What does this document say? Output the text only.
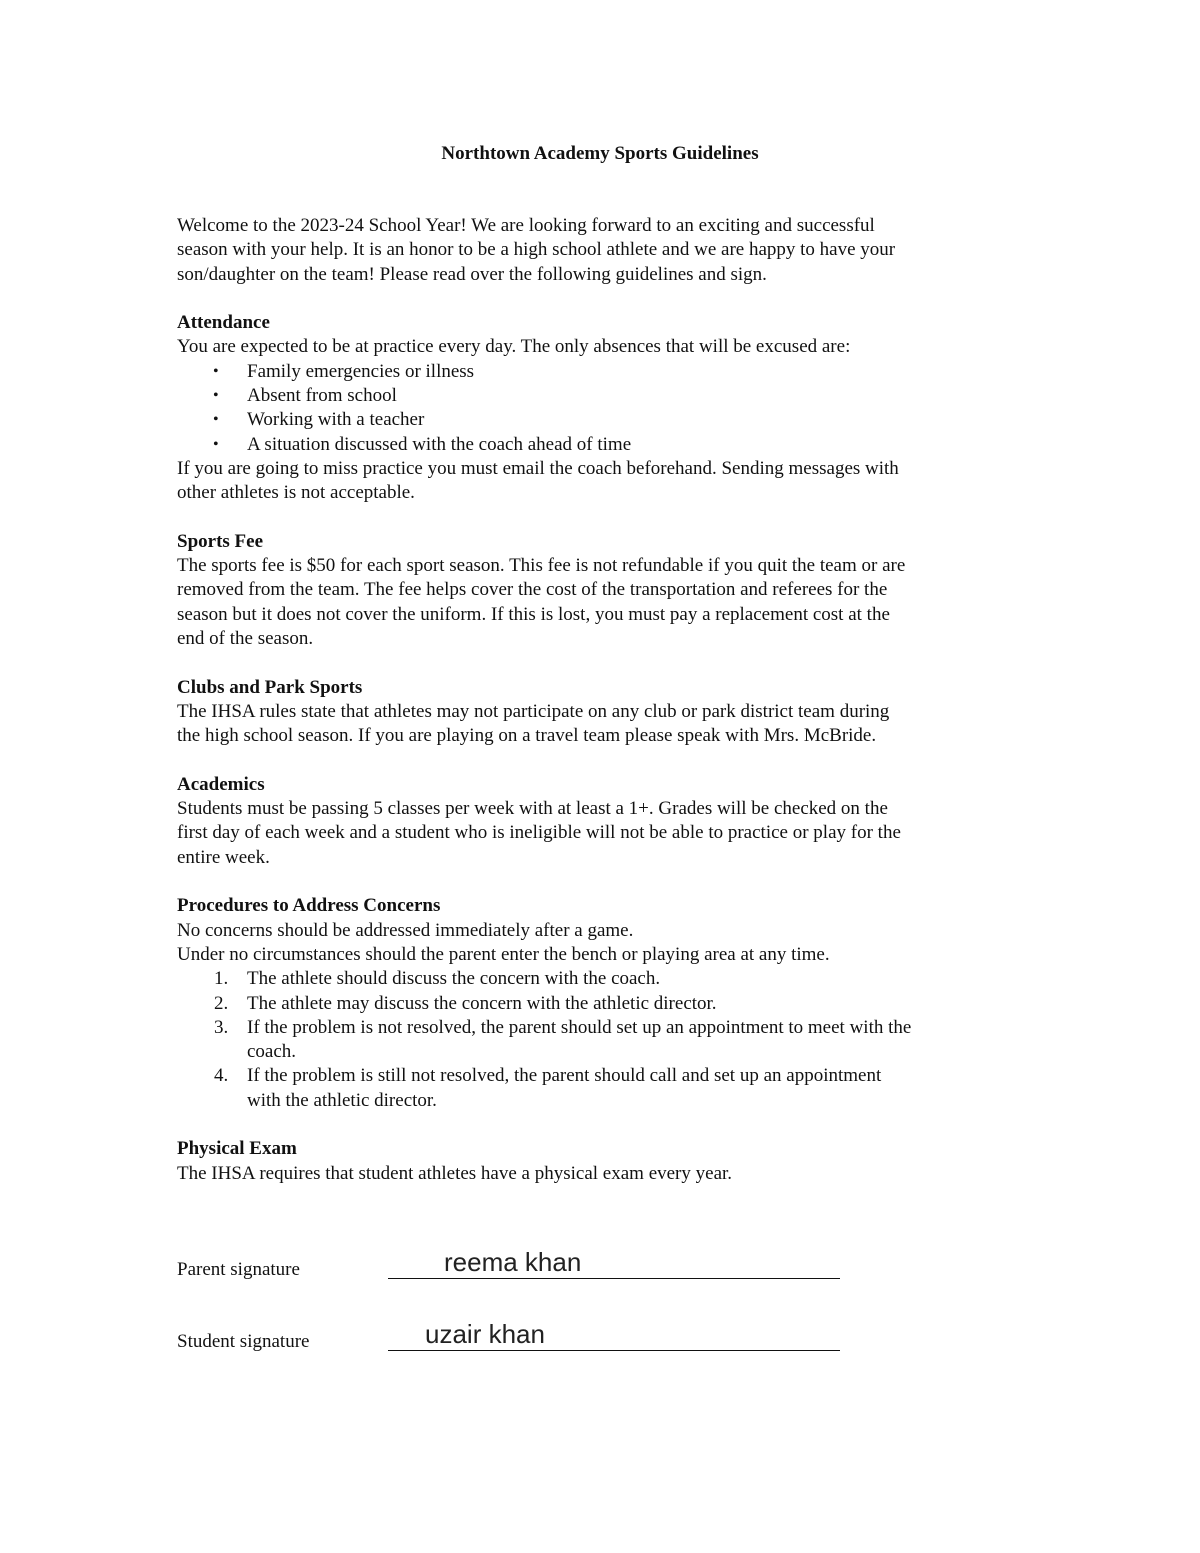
Northtown Academy Sports Guidelines

Welcome to the 2023-24 School Year! We are looking forward to an exciting and successful

season with your help. It is an honor to be a high school athlete and we are happy to have your

son/daughter on the team! Please read over the following guidelines and sign.

Attendance

You are expected to be at practice every day. The only absences that will be excused are:

• Family emergencies or illness
• Absent from school
• Working with a teacher
• A situation discussed with the coach ahead of time

If you are going to miss practice you must email the coach beforehand. Sending messages with

other athletes is not acceptable.

Sports Fee

The sports fee is $50 for each sport season. This fee is not refundable if you quit the team or are

removed from the team. The fee helps cover the cost of the transportation and referees for the

season but it does not cover the uniform. If this is lost, you must pay a replacement cost at the

end of the season.

Clubs and Park Sports

The IHSA rules state that athletes may not participate on any club or park district team during

the high school season. If you are playing on a travel team please speak with Mrs. McBride.

Academics

Students must be passing 5 classes per week with at least a 1+. Grades will be checked on the

first day of each week and a student who is ineligible will not be able to practice or play for the

entire week.

Procedures to Address Concerns

No concerns should be addressed immediately after a game.

Under no circumstances should the parent enter the bench or playing area at any time.

1. The athlete should discuss the concern with the coach.
2. The athlete may discuss the concern with the athletic director.
3. If the problem is not resolved, the parent should set up an appointment to meet with the
coach.
4. If the problem is still not resolved, the parent should call and set up an appointment
with the athletic director.
Physical Exam

The IHSA requires that student athletes have a physical exam every year.

Parent signature	reema khan
Student signature	uzair khan
